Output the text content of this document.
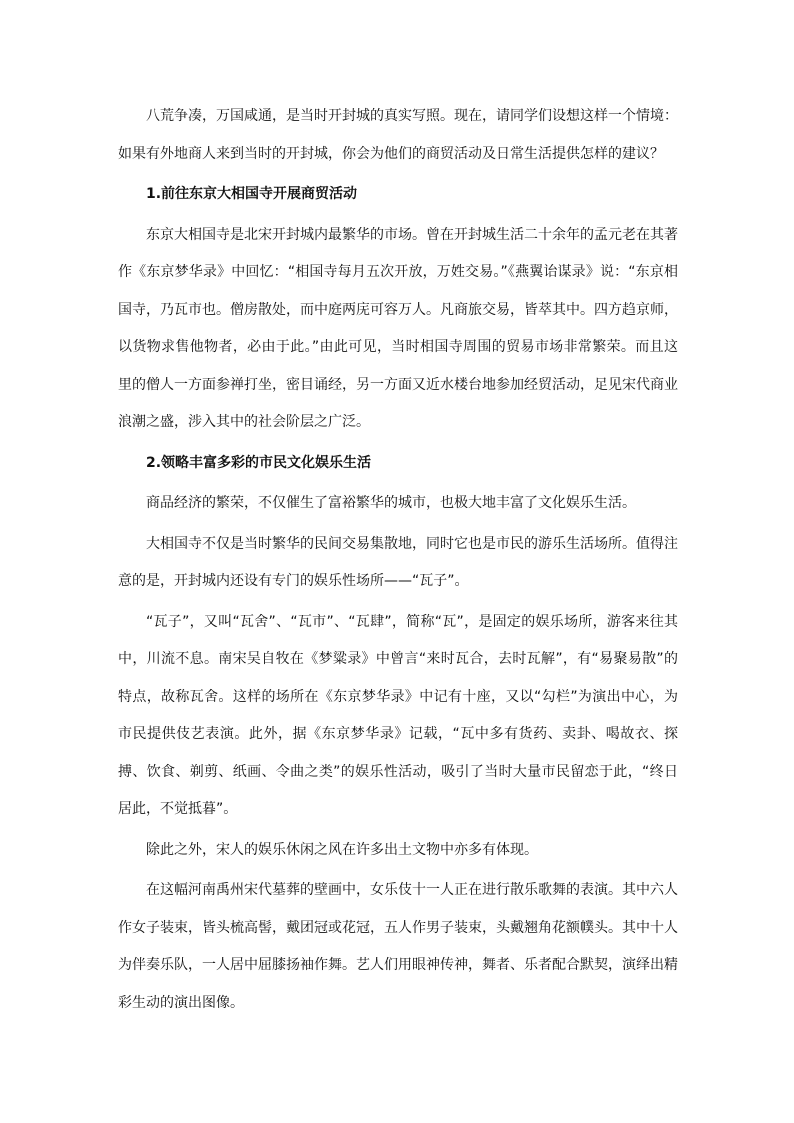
八荒争凑，万国咸通，是当时开封城的真实写照。现在，请同学们设想这样一个情境：如果有外地商人来到当时的开封城，你会为他们的商贸活动及日常生活提供怎样的建议？

1.前往东京大相国寺开展商贸活动

东京大相国寺是北宋开封城内最繁华的市场。曾在开封城生活二十余年的孟元老在其著作《东京梦华录》中回忆：“相国寺每月五次开放，万姓交易。”《燕翼诒谋录》说：“东京相国寺，乃瓦市也。僧房散处，而中庭两庑可容万人。凡商旅交易，皆萃其中。四方趋京师，以货物求售他物者，必由于此。”由此可见，当时相国寺周围的贸易市场非常繁荣。而且这里的僧人一方面参禅打坐，密目诵经，另一方面又近水楼台地参加经贸活动，足见宋代商业浪潮之盛，涉入其中的社会阶层之广泛。

2.领略丰富多彩的市民文化娱乐生活

商品经济的繁荣，不仅催生了富裕繁华的城市，也极大地丰富了文化娱乐生活。

大相国寺不仅是当时繁华的民间交易集散地，同时它也是市民的游乐生活场所。值得注意的是，开封城内还设有专门的娱乐性场所——“瓦子”。

“瓦子”，又叫“瓦舍”、“瓦市”、“瓦肆”，简称“瓦”，是固定的娱乐场所，游客来往其中，川流不息。南宋吴自牧在《梦粱录》中曾言“来时瓦合，去时瓦解”，有“易聚易散”的特点，故称瓦舍。这样的场所在《东京梦华录》中记有十座，又以“勾栏”为演出中心，为市民提供伎艺表演。此外，据《东京梦华录》记载，“瓦中多有货药、卖卦、喝故衣、探搏、饮食、剃剪、纸画、令曲之类”的娱乐性活动，吸引了当时大量市民留恋于此，“终日居此，不觉抵暮”。

除此之外，宋人的娱乐休闲之风在许多出土文物中亦多有体现。

在这幅河南禹州宋代墓葬的壁画中，女乐伎十一人正在进行散乐歌舞的表演。其中六人作女子装束，皆头梳高髻，戴团冠或花冠，五人作男子装束，头戴翘角花额幞头。其中十人为伴奏乐队，一人居中屈膝扬袖作舞。艺人们用眼神传神，舞者、乐者配合默契，演绎出精彩生动的演出图像。
